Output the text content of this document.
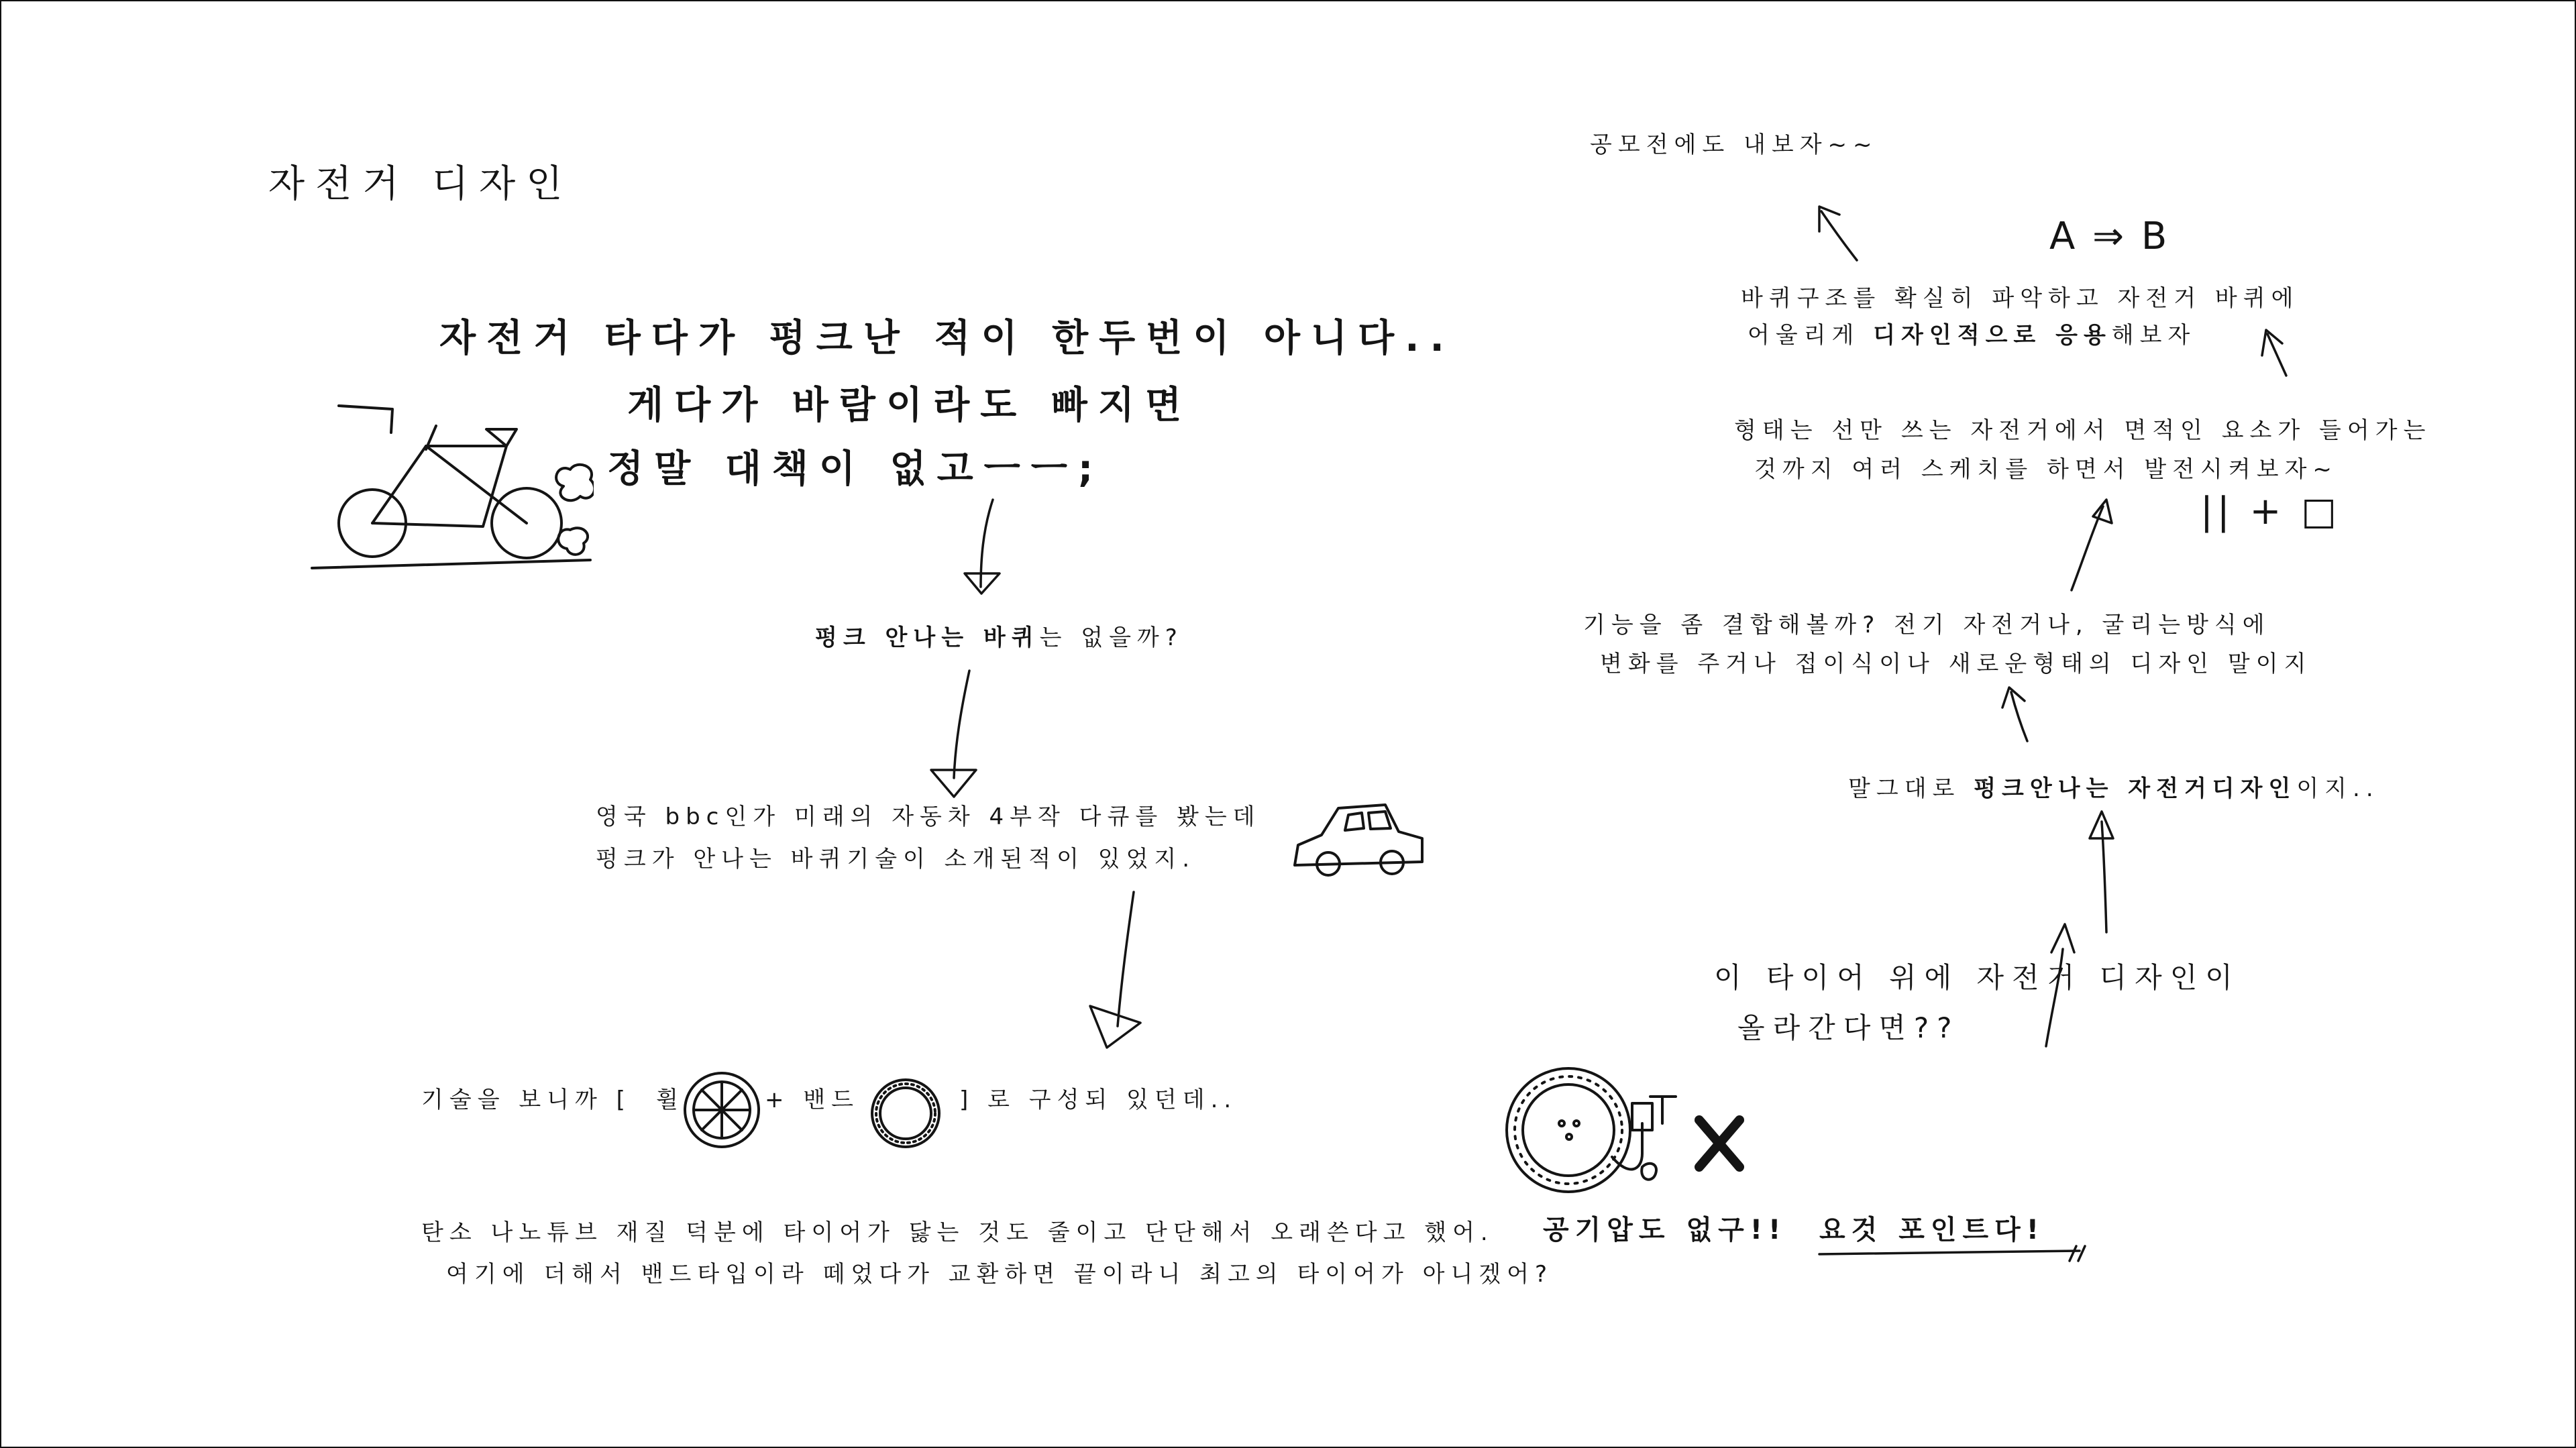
자전거 디자인

자전거 타다가 펑크난 적이 한두번이 아니다..

게다가 바람이라도 빠지면

정말 대책이 없고ㅡㅡ;

펑크 안나는 바퀴는 없을까?

영국 bbc인가 미래의 자동차 4부작 다큐를 봤는데

펑크가 안나는 바퀴기술이 소개된적이 있었지.

기술을 보니까 [ 휠	+ 밴드	] 로 구성되 있던데..

탄소 나노튜브 재질 덕분에 타이어가 닳는 것도 줄이고 단단해서 오래쓴다고 했어. 공기압도 없구!! 요것 포인트다!

여기에 더해서 밴드타입이라 떼었다가 교환하면 끝이라니 최고의 타이어가 아니겠어?

이 타이어 위에 자전거 디자인이

올라간다면??

말그대로 펑크안나는 자전거디자인이지..

기능을 좀 결합해볼까? 전기 자전거나, 굴리는방식에

변화를 주거나 접이식이나 새로운형태의 디자인 말이지

형태는 선만 쓰는 자전거에서 면적인 요소가 들어가는

것까지 여러 스케치를 하면서 발전시켜보자~

|| + □

바퀴구조를 확실히 파악하고 자전거 바퀴에

어울리게 디자인적으로 응용해보자

A ⇒ B

공모전에도 내보자~~
